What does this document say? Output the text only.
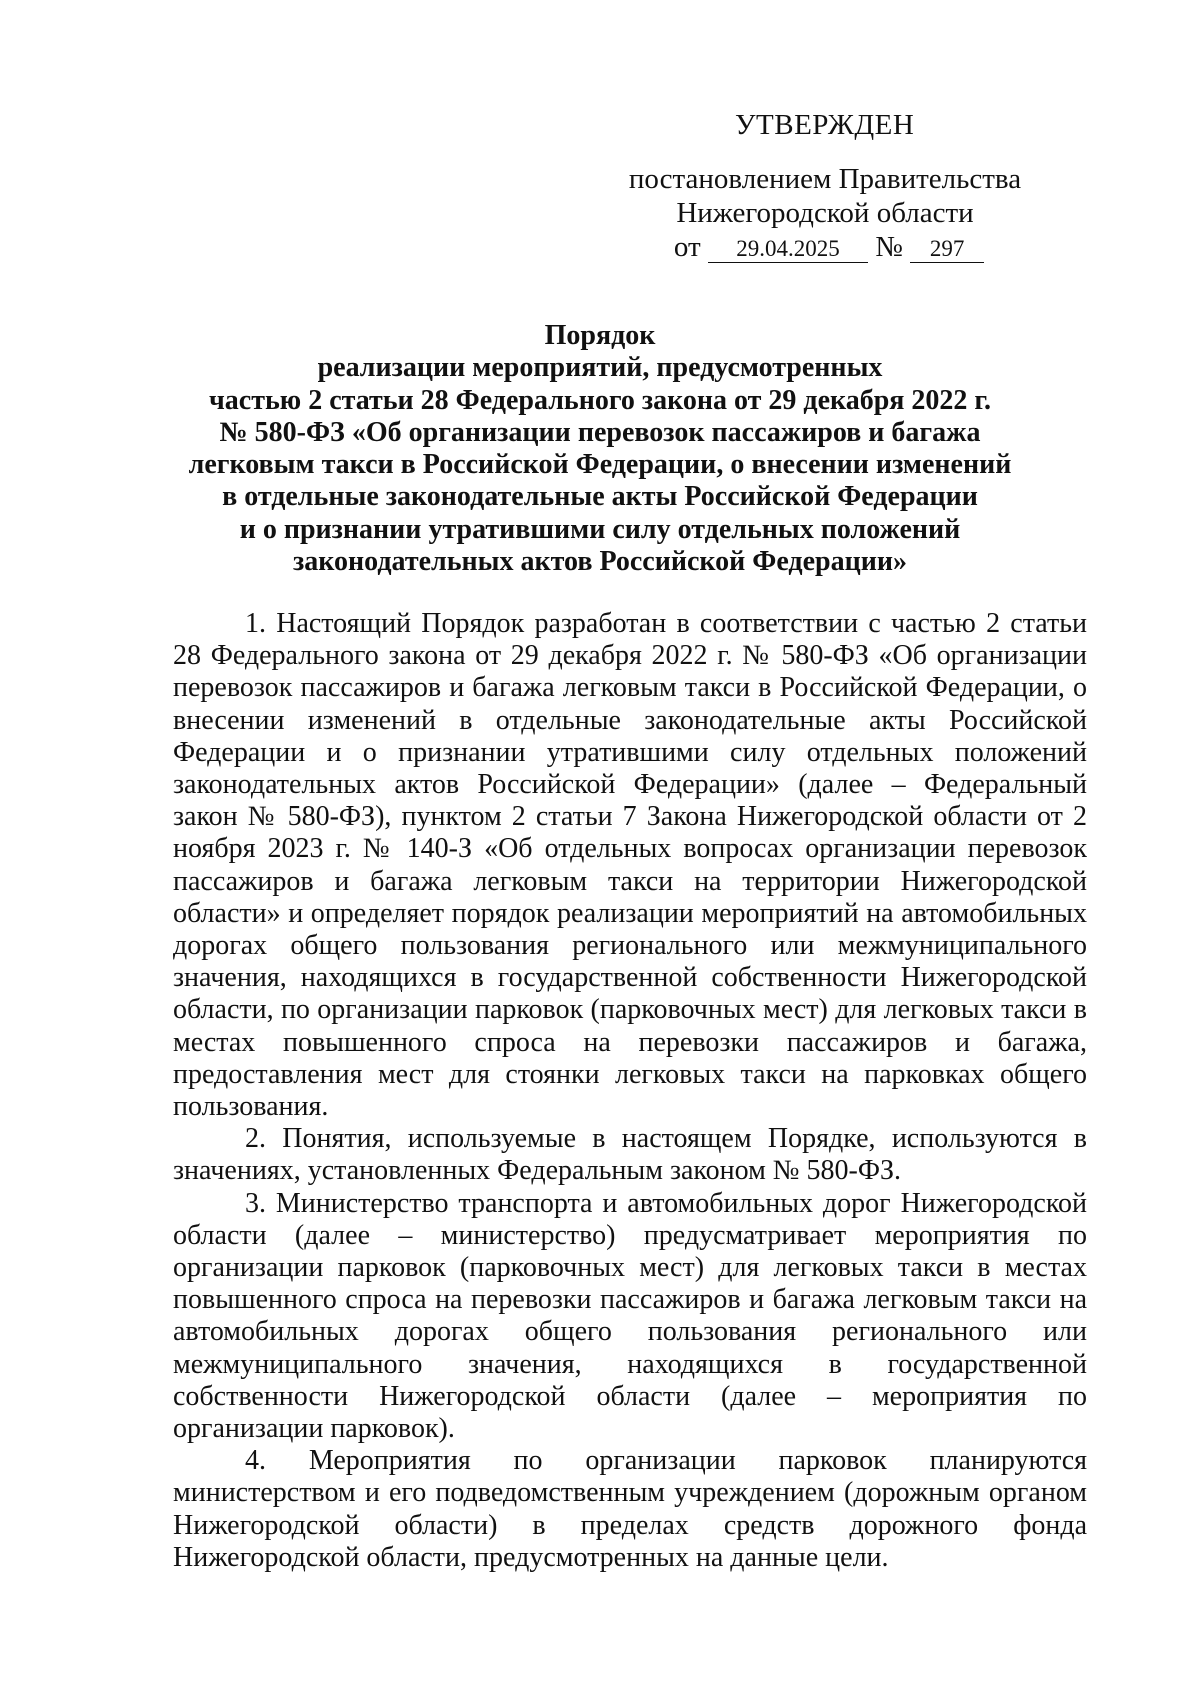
УТВЕРЖДЕН
постановлением Правительства
Нижегородской области
от 29.04.2025 № 297
Порядок
реализации мероприятий, предусмотренных
частью 2 статьи 28 Федерального закона от 29 декабря 2022 г.
№ 580-ФЗ «Об организации перевозок пассажиров и багажа
легковым такси в Российской Федерации, о внесении изменений
в отдельные законодательные акты Российской Федерации
и о признании утратившими силу отдельных положений
законодательных актов Российской Федерации»

1. Настоящий Порядок разработан в соответствии с частью 2 статьи 28 Федерального закона от 29 декабря 2022 г. № 580-ФЗ «Об организации перевозок пассажиров и багажа легковым такси в Российской Федерации, о внесении изменений в отдельные законодательные акты Российской Федерации и о признании утратившими силу отдельных положений законодательных актов Российской Федерации» (далее – Федеральный закон № 580-ФЗ), пунктом 2 статьи 7 Закона Нижегородской области от 2 ноября 2023 г. № 140-З «Об отдельных вопросах организации перевозок пассажиров и багажа легковым такси на территории Нижегородской области» и определяет порядок реализации мероприятий на автомобильных дорогах общего пользования регионального или межмуниципального значения, находящихся в государственной собственности Нижегородской области, по организации парковок (парковочных мест) для легковых такси в местах повышенного спроса на перевозки пассажиров и багажа, предоставления мест для стоянки легковых такси на парковках общего пользования.

2. Понятия, используемые в настоящем Порядке, используются в значениях, установленных Федеральным законом № 580-ФЗ.

3. Министерство транспорта и автомобильных дорог Нижегородской области (далее – министерство) предусматривает мероприятия по организации парковок (парковочных мест) для легковых такси в местах повышенного спроса на перевозки пассажиров и багажа легковым такси на автомобильных дорогах общего пользования регионального или межмуниципального значения, находящихся в государственной собственности Нижегородской области (далее – мероприятия по организации парковок).

4. Мероприятия по организации парковок планируются министерством и его подведомственным учреждением (дорожным органом Нижегородской области) в пределах средств дорожного фонда Нижегородской области, предусмотренных на данные цели.
